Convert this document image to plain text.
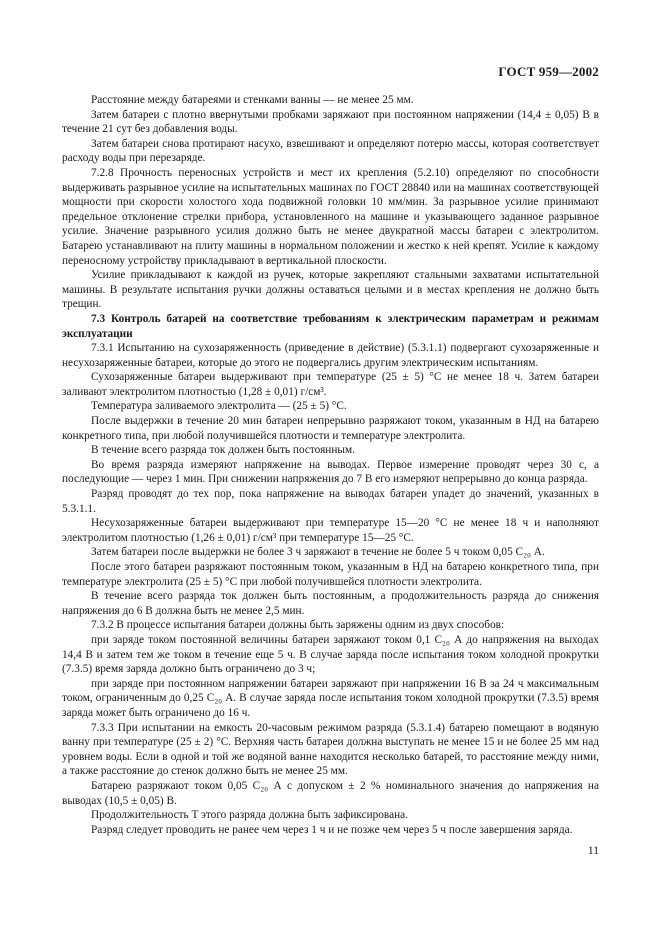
ГОСТ 959—2002

Расстояние между батареями и стенками ванны — не менее 25 мм.

Затем батареи с плотно ввернутыми пробками заряжают при постоянном напряжении (14,4 ± 0,05) В в течение 21 сут без добавления воды.

Затем батареи снова протирают насухо, взвешивают и определяют потерю массы, которая соответствует расходу воды при перезаряде.

7.2.8 Прочность переносных устройств и мест их крепления (5.2.10) определяют по способности выдерживать разрывное усилие на испытательных машинах по ГОСТ 28840 или на машинах соответствующей мощности при скорости холостого хода подвижной головки 10 мм/мин. За разрывное усилие принимают предельное отклонение стрелки прибора, установленного на машине и указывающего заданное разрывное усилие. Значение разрывного усилия должно быть не менее двукратной массы батареи с электролитом. Батарею устанавливают на плиту машины в нормальном положении и жестко к ней крепят. Усилие к каждому переносному устройству прикладывают в вертикальной плоскости.

Усилие прикладывают к каждой из ручек, которые закрепляют стальными захватами испытательной машины. В результате испытания ручки должны оставаться целыми и в местах крепления не должно быть трещин.

7.3 Контроль батарей на соответствие требованиям к электрическим параметрам и режимам эксплуатации

7.3.1 Испытанию на сухозаряженность (приведение в действие) (5.3.1.1) подвергают сухозаряженные и несухозаряженные батареи, которые до этого не подвергались другим электрическим испытаниям.

Сухозаряженные батареи выдерживают при температуре (25 ± 5) °С не менее 18 ч. Затем батареи заливают электролитом плотностью (1,28 ± 0,01) г/см³.

Температура заливаемого электролита — (25 ± 5) °С.

После выдержки в течение 20 мин батареи непрерывно разряжают током, указанным в НД на батарею конкретного типа, при любой получившейся плотности и температуре электролита.

В течение всего разряда ток должен быть постоянным.

Во время разряда измеряют напряжение на выводах. Первое измерение проводят через 30 с, а последующие — через 1 мин. При снижении напряжения до 7 В его измеряют непрерывно до конца разряда.

Разряд проводят до тех пор, пока напряжение на выводах батареи упадет до значений, указанных в 5.3.1.1.

Несухозаряженные батареи выдерживают при температуре 15—20 °С не менее 18 ч и наполняют электролитом плотностью (1,26 ± 0,01) г/см³ при температуре 15—25 °С.

Затем батареи после выдержки не более 3 ч заряжают в течение не более 5 ч током 0,05 C₂₀ А.

После этого батареи разряжают постоянным током, указанным в НД на батарею конкретного типа, при температуре электролита (25 ± 5) °С при любой получившейся плотности электролита.

В течение всего разряда ток должен быть постоянным, а продолжительность разряда до снижения напряжения до 6 В должна быть не менее 2,5 мин.

7.3.2 В процессе испытания батареи должны быть заряжены одним из двух способов:

при заряде током постоянной величины батареи заряжают током 0,1 C₂₀ А до напряжения на выходах 14,4 В и затем тем же током в течение еще 5 ч. В случае заряда после испытания током холодной прокрутки (7.3.5) время заряда должно быть ограничено до 3 ч;

при заряде при постоянном напряжении батареи заряжают при напряжении 16 В за 24 ч максимальным током, ограниченным до 0,25 C₂₀ А. В случае заряда после испытания током холодной прокрутки (7.3.5) время заряда может быть ограничено до 16 ч.

7.3.3 При испытании на емкость 20-часовым режимом разряда (5.3.1.4) батарею помещают в водяную ванну при температуре (25 ± 2) °С. Верхняя часть батареи должна выступать не менее 15 и не более 25 мм над уровнем воды. Если в одной и той же водяной ванне находится несколько батарей, то расстояние между ними, а также расстояние до стенок должно быть не менее 25 мм.

Батарею разряжают током 0,05 C₂₀ А с допуском ± 2 % номинального значения до напряжения на выводах (10,5 ± 0,05) В.

Продолжительность T этого разряда должна быть зафиксирована.

Разряд следует проводить не ранее чем через 1 ч и не позже чем через 5 ч после завершения заряда.

11
